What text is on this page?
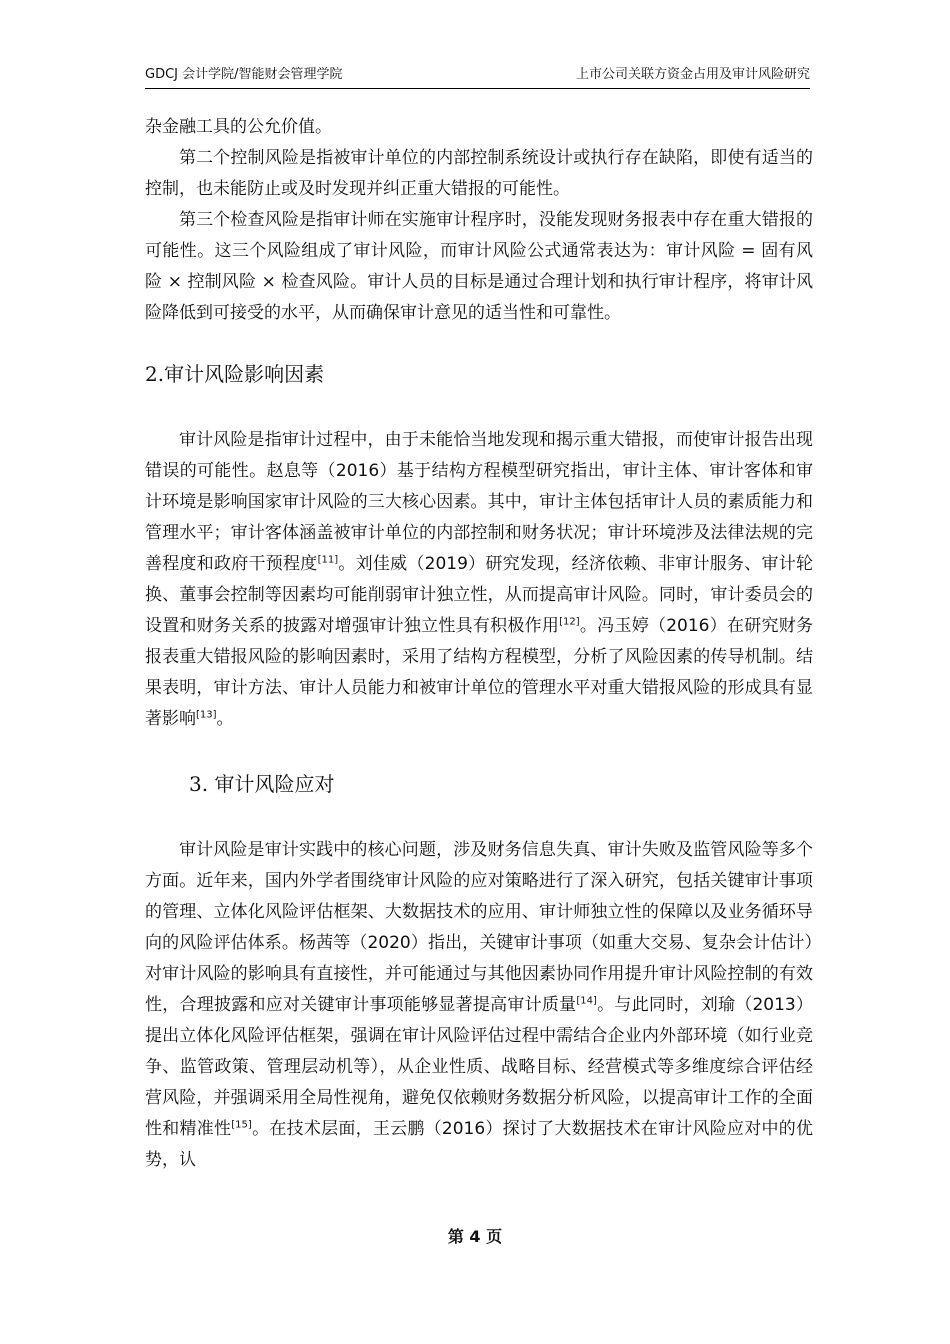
GDCJ 会计学院/智能财会管理学院	上市公司关联方资金占用及审计风险研究

杂金融工具的公允价值。

第二个控制风险是指被审计单位的内部控制系统设计或执行存在缺陷，即使有适当的控制，也未能防止或及时发现并纠正重大错报的可能性。

第三个检查风险是指审计师在实施审计程序时，没能发现财务报表中存在重大错报的可能性。这三个风险组成了审计风险，而审计风险公式通常表达为：审计风险 = 固有风险 × 控制风险 × 检查风险。审计人员的目标是通过合理计划和执行审计程序，将审计风险降低到可接受的水平，从而确保审计意见的适当性和可靠性。

2.审计风险影响因素

审计风险是指审计过程中，由于未能恰当地发现和揭示重大错报，而使审计报告出现错误的可能性。赵息等（2016）基于结构方程模型研究指出，审计主体、审计客体和审计环境是影响国家审计风险的三大核心因素。其中，审计主体包括审计人员的素质能力和管理水平；审计客体涵盖被审计单位的内部控制和财务状况；审计环境涉及法律法规的完善程度和政府干预程度[11]。刘佳威（2019）研究发现，经济依赖、非审计服务、审计轮换、董事会控制等因素均可能削弱审计独立性，从而提高审计风险。同时，审计委员会的设置和财务关系的披露对增强审计独立性具有积极作用[12]。冯玉婷（2016）在研究财务报表重大错报风险的影响因素时，采用了结构方程模型，分析了风险因素的传导机制。结果表明，审计方法、审计人员能力和被审计单位的管理水平对重大错报风险的形成具有显著影响[13]。

3. 审计风险应对

审计风险是审计实践中的核心问题，涉及财务信息失真、审计失败及监管风险等多个方面。近年来，国内外学者围绕审计风险的应对策略进行了深入研究，包括关键审计事项的管理、立体化风险评估框架、大数据技术的应用、审计师独立性的保障以及业务循环导向的风险评估体系。杨茜等（2020）指出，关键审计事项（如重大交易、复杂会计估计）对审计风险的影响具有直接性，并可能通过与其他因素协同作用提升审计风险控制的有效性，合理披露和应对关键审计事项能够显著提高审计质量[14]。与此同时，刘瑜（2013）提出立体化风险评估框架，强调在审计风险评估过程中需结合企业内外部环境（如行业竞争、监管政策、管理层动机等），从企业性质、战略目标、经营模式等多维度综合评估经营风险，并强调采用全局性视角，避免仅依赖财务数据分析风险，以提高审计工作的全面性和精准性[15]。在技术层面，王云鹏（2016）探讨了大数据技术在审计风险应对中的优势，认

第 4 页
